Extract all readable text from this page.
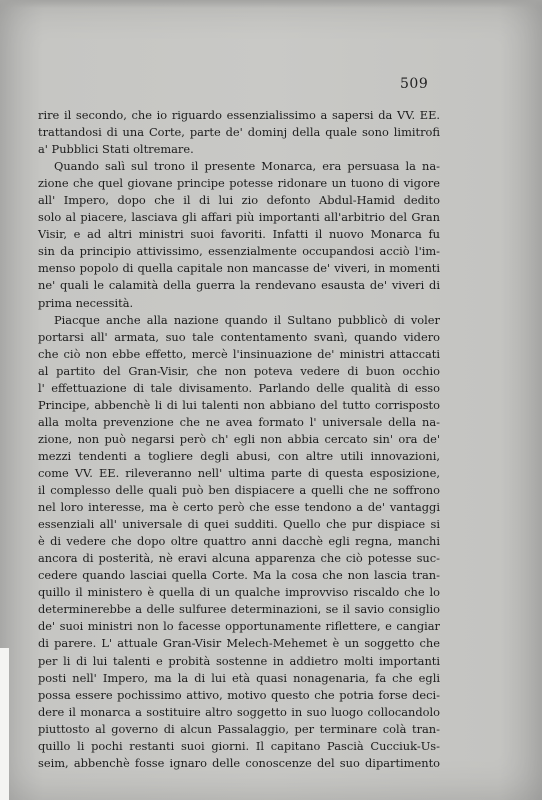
509
rire il secondo, che io riguardo essenzialissimo a sapersi da VV. EE.
trattandosi di una Corte, parte de' dominj della quale sono limitrofi
a' Pubblici Stati oltremare.
Quando salì sul trono il presente Monarca, era persuasa la na-
zione che quel giovane principe potesse ridonare un tuono di vigore
all' Impero, dopo che il di lui zio defonto Abdul-Hamid dedito
solo al piacere, lasciava gli affari più importanti all'arbitrio del Gran
Visir, e ad altri ministri suoi favoriti. Infatti il nuovo Monarca fu
sin da principio attivissimo, essenzialmente occupandosi acciò l'im-
menso popolo di quella capitale non mancasse de' viveri, in momenti
ne' quali le calamità della guerra la rendevano esausta de' viveri di
prima necessità.
Piacque anche alla nazione quando il Sultano pubblicò di voler
portarsi all' armata, suo tale contentamento svanì, quando videro
che ciò non ebbe effetto, mercè l'insinuazione de' ministri attaccati
al partito del Gran-Visir, che non poteva vedere di buon occhio
l' effettuazione di tale divisamento. Parlando delle qualità di esso
Principe, abbenchè li di lui talenti non abbiano del tutto corrisposto
alla molta prevenzione che ne avea formato l' universale della na-
zione, non può negarsi però ch' egli non abbia cercato sin' ora de'
mezzi tendenti a togliere degli abusi, con altre utili innovazioni,
come VV. EE. rileveranno nell' ultima parte di questa esposizione,
il complesso delle quali può ben dispiacere a quelli che ne soffrono
nel loro interesse, ma è certo però che esse tendono a de' vantaggi
essenziali all' universale di quei sudditi. Quello che pur dispiace si
è di vedere che dopo oltre quattro anni dacchè egli regna, manchi
ancora di posterità, nè eravi alcuna apparenza che ciò potesse suc-
cedere quando lasciai quella Corte. Ma la cosa che non lascia tran-
quillo il ministero è quella di un qualche improvviso riscaldo che lo
determinerebbe a delle sulfuree determinazioni, se il savio consiglio
de' suoi ministri non lo facesse opportunamente riflettere, e cangiar
di parere. L' attuale Gran-Visir Melech-Mehemet è un soggetto che
per li di lui talenti e probità sostenne in addietro molti importanti
posti nell' Impero, ma la di lui età quasi nonagenaria, fa che egli
possa essere pochissimo attivo, motivo questo che potria forse deci-
dere il monarca a sostituire altro soggetto in suo luogo collocandolo
piuttosto al governo di alcun Passalaggio, per terminare colà tran-
quillo li pochi restanti suoi giorni. Il capitano Pascià Cucciuk-Us-
seim, abbenchè fosse ignaro delle conoscenze del suo dipartimento
